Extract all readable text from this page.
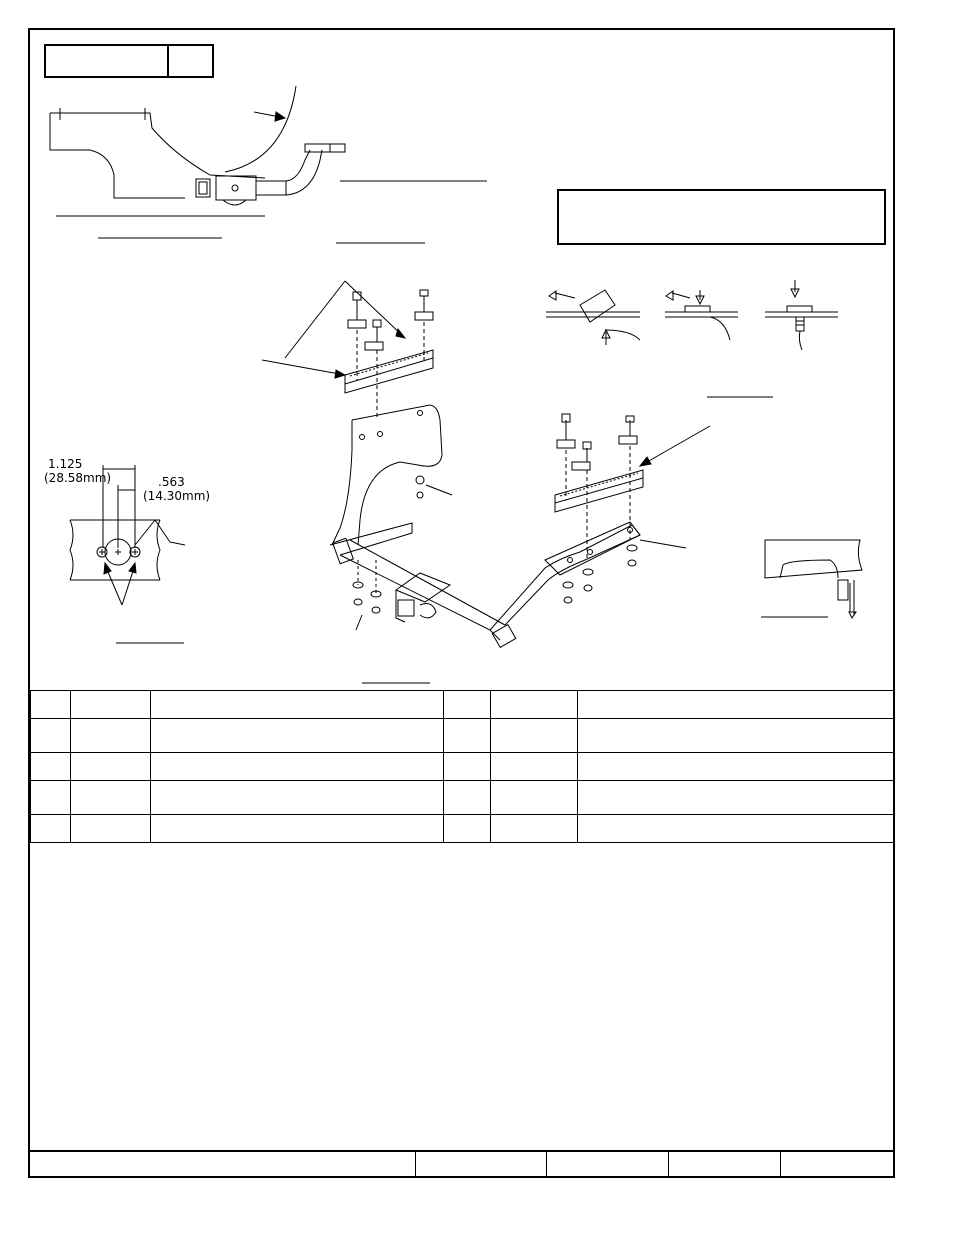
1.125
(28.58mm)	.563
(14.30mm)
